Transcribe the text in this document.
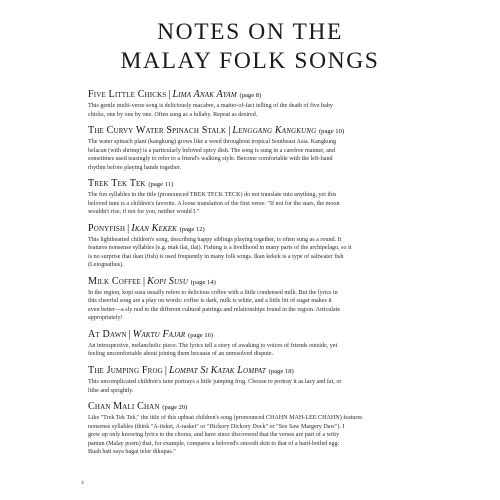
NOTES ON THE
MALAY FOLK SONGS
Five Little Chicks | Lima Anak Ayam (page 8)

This gentle multi-verse song is deliciously macabre, a matter-of-fact telling of the death of five baby

chicks, one by one by one. Often sung as a lullaby. Repeat as desired.

The Curvy Water Spinach Stalk | Lenggang Kangkung (page 10)

The water spinach plant (kangkung) grows like a weed throughout tropical Southeast Asia. Kangkung

belacan (with shrimp) is a particularly beloved spicy dish. The song is sung in a carefree manner, and

sometimes used teasingly to refer to a friend's walking style. Become comfortable with the left-hand

rhythm before playing hands together.

Trek Tek Tek (page 11)

The fun syllables in the title (pronounced TREK TECK TECK) do not translate into anything, yet this

beloved tune is a children's favorite. A loose translation of the first verse: "If not for the stars, the moon

wouldn't rise; if not for you, neither would I."

Ponyfish | Ikan Kekek (page 12)

This lighthearted children's song, describing happy siblings playing together, is often sung as a round. It

features nonsense syllables (e.g. mak ilai, ilai). Fishing is a livelihood in many parts of the archipelago, so it

is no surprise that ikan (fish) is used frequently in many folk songs. Ikan kekek is a type of saltwater fish

(Leiognathus).

Milk Coffee | Kopi Susu (page 14)

In the region, kopi susu usually refers to delicious coffee with a little condensed milk. But the lyrics in

this cheerful song are a play on words: coffee is dark, milk is white, and a little bit of sugar makes it

even better—a sly nod to the different cultural pairings and relationships found in the region. Articulate

appropriately!

At Dawn | Waktu Fajar (page 16)

An introspective, melancholic piece. The lyrics tell a story of awaking to voices of friends outside, yet

feeling uncomfortable about joining them because of an unresolved dispute.

The Jumping Frog | Lompat Si Katak Lompat (page 18)

This uncomplicated children's tune portrays a little jumping frog. Choose to portray it as lazy and fat, or

lithe and sprightly.

Chan Mali Chan (page 20)

Like "Trek Tek Tek," the title of this upbeat children's song (pronounced CHAHN MAH-LEE CHAHN) features

nonsense syllables (think "A-tisket, A-tasket" or "Hickory Dickory Dock" or "See Saw Margery Daw"). I

grew up only knowing lyrics to the chorus, and have since discovered that the verses are part of a witty

pantun (Malay poem) that, for example, compares a beloved's smooth skin to that of a hard-boiled egg:

Buah hati saya bagai telur dikupas."

4
